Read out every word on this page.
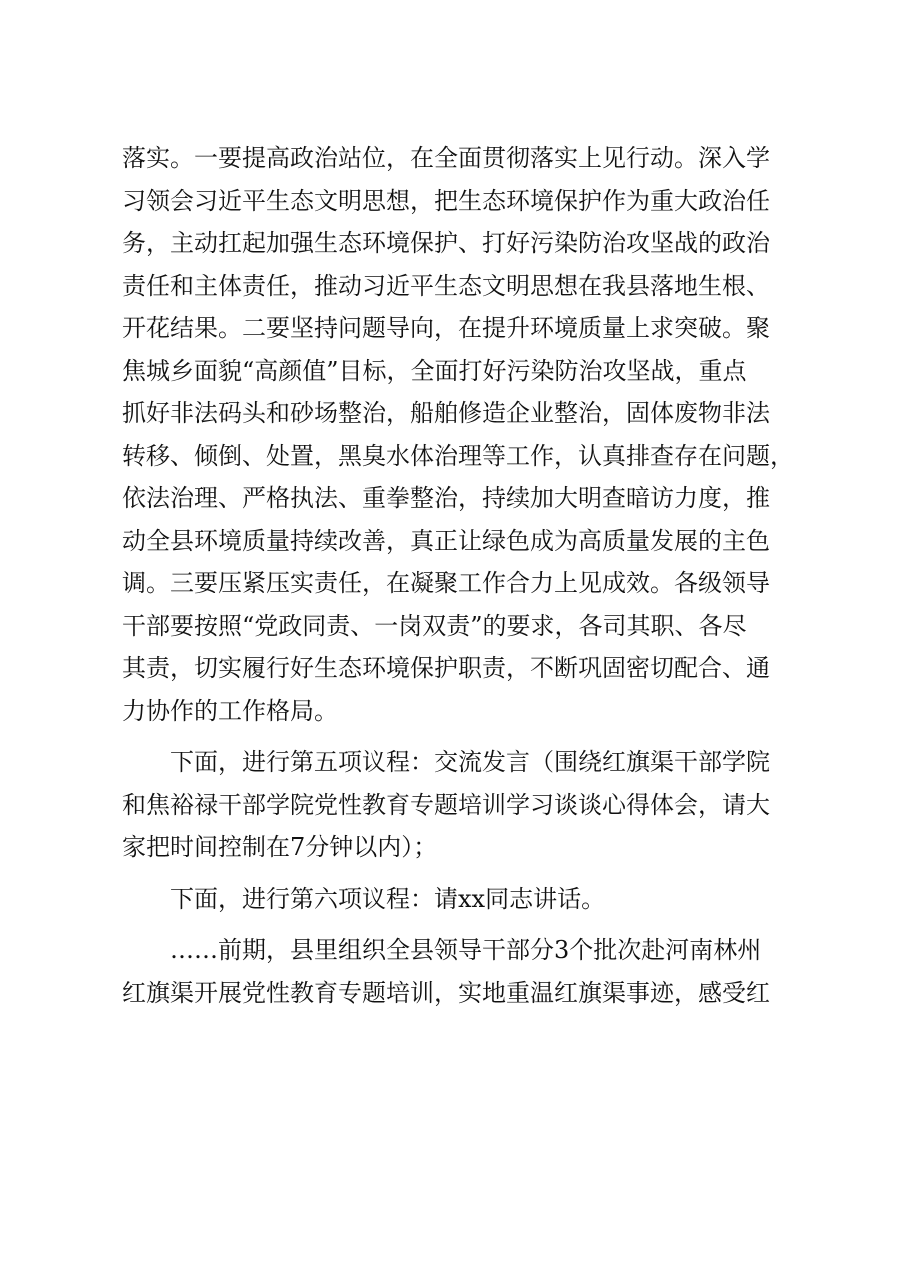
落实。一要提高政治站位，在全面贯彻落实上见行动。深入学
习领会习近平生态文明思想，把生态环境保护作为重大政治任
务，主动扛起加强生态环境保护、打好污染防治攻坚战的政治
责任和主体责任，推动习近平生态文明思想在我县落地生根、
开花结果。二要坚持问题导向，在提升环境质量上求突破。聚
焦城乡面貌“高颜值”目标，全面打好污染防治攻坚战，重点
抓好非法码头和砂场整治，船舶修造企业整治，固体废物非法
转移、倾倒、处置，黑臭水体治理等工作，认真排查存在问题，
依法治理、严格执法、重拳整治，持续加大明查暗访力度，推
动全县环境质量持续改善，真正让绿色成为高质量发展的主色
调。三要压紧压实责任，在凝聚工作合力上见成效。各级领导
干部要按照“党政同责、一岗双责”的要求，各司其职、各尽
其责，切实履行好生态环境保护职责，不断巩固密切配合、通
力协作的工作格局。

下面，进行第五项议程：交流发言（围绕红旗渠干部学院
和焦裕禄干部学院党性教育专题培训学习谈谈心得体会，请大
家把时间控制在7分钟以内）；

下面，进行第六项议程：请xx同志讲话。

……前期，县里组织全县领导干部分3个批次赴河南林州
红旗渠开展党性教育专题培训，实地重温红旗渠事迹，感受红
